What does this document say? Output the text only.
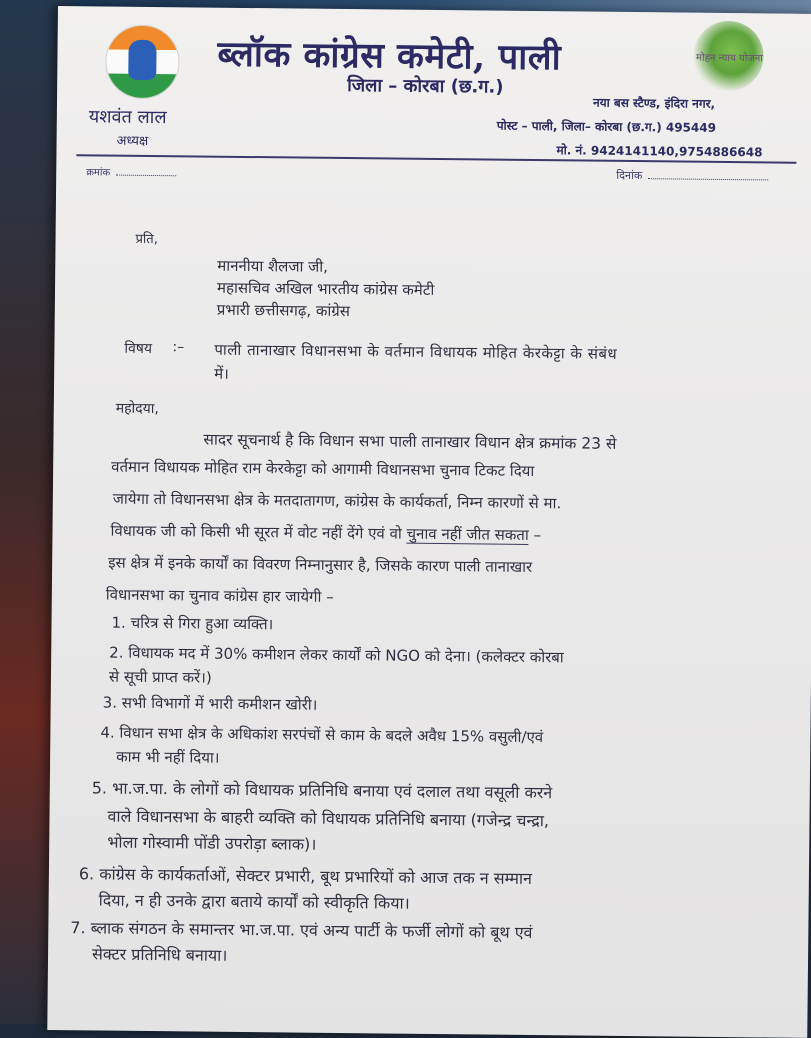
मोहन न्याय योजना
ब्लॉक कांग्रेस कमेटी, पाली
जिला – कोरबा (छ.ग.)
यशवंत लाल
अध्यक्ष
नया बस स्टैण्ड, इंदिरा नगर,
पोस्ट – पाली, जिला– कोरबा (छ.ग.) 495449
मो. नं. 9424141140,9754886648
क्रमांक	दिनांक
प्रति,
माननीया शैलजा जी,
महासचिव अखिल भारतीय कांग्रेस कमेटी
प्रभारी छत्तीसगढ़, कांग्रेस
विषय :– पाली तानाखार विधानसभा के वर्तमान विधायक मोहित केरकेट्टा के संबंध
में।
महोदया,
सादर सूचनार्थ है कि विधान सभा पाली तानाखार विधान क्षेत्र क्रमांक 23 से
वर्तमान विधायक मोहित राम केरकेट्टा को आगामी विधानसभा चुनाव टिकट दिया
जायेगा तो विधानसभा क्षेत्र के मतदातागण, कांग्रेस के कार्यकर्ता, निम्न कारणों से मा.
विधायक जी को किसी भी सूरत में वोट नहीं देंगे एवं वो चुनाव नहीं जीत सकता –
इस क्षेत्र में इनके कार्यों का विवरण निम्नानुसार है, जिसके कारण पाली तानाखार
विधानसभा का चुनाव कांग्रेस हार जायेगी –
1. चरित्र से गिरा हुआ व्यक्ति।
2. विधायक मद में 30% कमीशन लेकर कार्यों को NGO को देना। (कलेक्टर कोरबा
से सूची प्राप्त करें।)
3. सभी विभागों में भारी कमीशन खोरी।
4. विधान सभा क्षेत्र के अधिकांश सरपंचों से काम के बदले अवैध 15% वसुली/एवं
काम भी नहीं दिया।
5. भा.ज.पा. के लोगों को विधायक प्रतिनिधि बनाया एवं दलाल तथा वसूली करने
वाले विधानसभा के बाहरी व्यक्ति को विधायक प्रतिनिधि बनाया (गजेन्द्र चन्द्रा,
भोला गोस्वामी पोंडी उपरोड़ा ब्लाक)।
6. कांग्रेस के कार्यकर्ताओं, सेक्टर प्रभारी, बूथ प्रभारियों को आज तक न सम्मान
दिया, न ही उनके द्वारा बताये कार्यों को स्वीकृति किया।
7. ब्लाक संगठन के समान्तर भा.ज.पा. एवं अन्य पार्टी के फर्जी लोगों को बूथ एवं
सेक्टर प्रतिनिधि बनाया।
